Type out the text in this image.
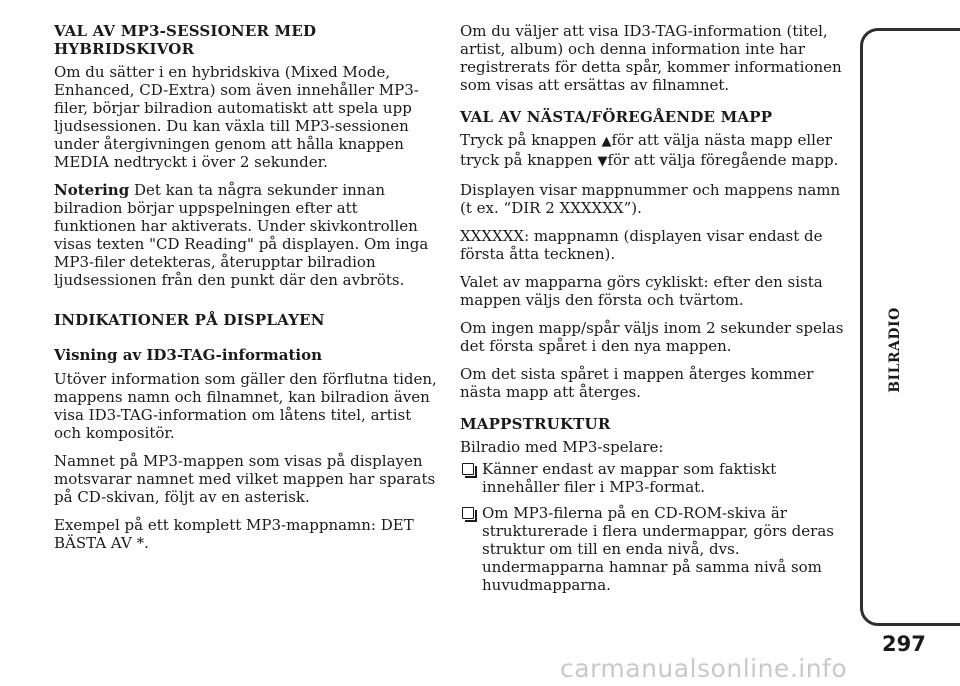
VAL AV MP3-SESSIONER MED HYBRIDSKIVOR

Om du sätter i en hybridskiva (Mixed Mode, Enhanced, CD-Extra) som även innehåller MP3-filer, börjar bilradion automatiskt att spela upp ljudsessionen. Du kan växla till MP3-sessionen under återgivningen genom att hålla knappen MEDIA nedtryckt i över 2 sekunder.

Notering Det kan ta några sekunder innan bilradion börjar uppspelningen efter att funktionen har aktiverats. Under skivkontrollen visas texten "CD Reading" på displayen. Om inga MP3-filer detekteras, återupptar bilradion ljudsessionen från den punkt där den avbröts.

INDIKATIONER PÅ DISPLAYEN
Visning av ID3-TAG-information

Utöver information som gäller den förflutna tiden, mappens namn och filnamnet, kan bilradion även visa ID3-TAG-information om låtens titel, artist och kompositör.

Namnet på MP3-mappen som visas på displayen motsvarar namnet med vilket mappen har sparats på CD-skivan, följt av en asterisk.

Exempel på ett komplett MP3-mappnamn: DET BÄSTA AV *.

Om du väljer att visa ID3-TAG-information (titel, artist, album) och denna information inte har registrerats för detta spår, kommer informationen som visas att ersättas av filnamnet.

VAL AV NÄSTA/FÖREGÅENDE MAPP

Tryck på knappen ▲för att välja nästa mapp eller tryck på knappen ▼för att välja föregående mapp.

Displayen visar mappnummer och mappens namn (t ex. “DIR 2 XXXXXX”).

XXXXXX: mappnamn (displayen visar endast de första åtta tecknen).

Valet av mapparna görs cykliskt: efter den sista mappen väljs den första och tvärtom.

Om ingen mapp/spår väljs inom 2 sekunder spelas det första spåret i den nya mappen.

Om det sista spåret i mappen återges kommer nästa mapp att återges.

MAPPSTRUKTUR

Bilradio med MP3-spelare:

Känner endast av mappar som faktiskt innehåller filer i MP3-format.
Om MP3-filerna på en CD-ROM-skiva är strukturerade i flera undermappar, görs deras struktur om till en enda nivå, dvs. undermapparna hamnar på samma nivå som huvudmapparna.
BILRADIO
297
carmanualsonline.info
